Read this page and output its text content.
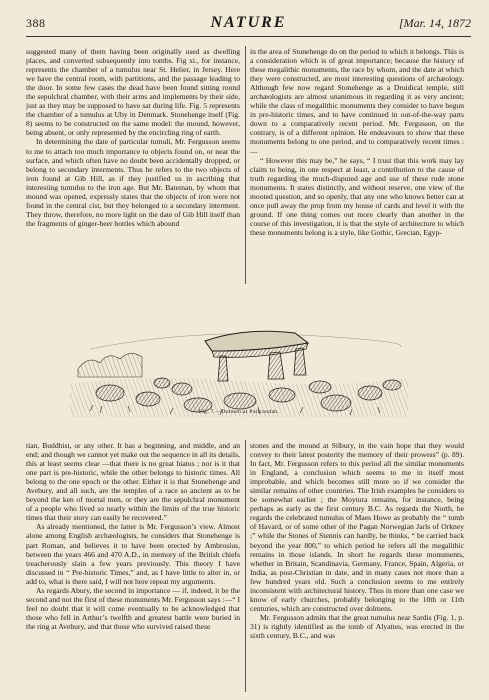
388	NATURE	[Mar. 14, 1872

suggested many of them having been originally used as dwelling places, and converted subsequently into tombs. Fig xi., for instance, represents the chamber of a tumulus near St. Helier, in Jersey. Here we have the central room, with partitions, and the passage leading to the door. In some few cases the dead have been found sitting round the sepulchral chamber, with their arms and implements by their side, just as they may be supposed to have sat during life. Fig. 5 represents the chamber of a tumulus at Uby in Denmark. Stonehenge itself (Fig. 8) seems to be constructed on the same model: the mound, however, being absent, or only represented by the encircling ring of earth.

In determining the date of particular tumuli, Mr. Fergusson seems to me to attach too much importance to objects found on, or near the surface, and which often have no doubt been accidentally dropped, or belong to secondary interments. Thus he refers to the two objects of iron found at Gib Hill, as if they justified us in ascribing that interesting tumulus to the iron age. But Mr. Bateman, by whom that mound was opened, expressly states that the objects of iron were not found in the central cist, but they belonged to a secondary interment. They throw, therefore, no more light on the date of Gib Hill itself than the fragments of ginger-beer bottles which abound

in the area of Stonehenge do on the period to which it belongs. This is a consideration which is of great importance; because the history of these megalithic monuments, the race by whom, and the date at which they were constructed, are most interesting questions of archæology. Although few now regard Stonehenge as a Druidical temple, still archæologists are almost unanimous in regarding it as very ancient; while the class of megalithic monuments they consider to have begun in pre-historic times, and to have continued in out-of-the-way parts down to a comparatively recent period. Mr. Fergusson, on the contrary, is of a different opinion. He endeavours to show that these monuments belong to one period, and to comparatively recent times :—

“ However this may be,” he says, “ I trust that this work may lay claim to being, in one respect at least, a contribution to the cause of truth regarding the much-disputed age and use of these rude stone monuments. It states distinctly, and without reserve, one view of the mooted question, and so openly, that any one who knows better can at once pull away the prop from my house of cards and level it with the ground. If one thing comes out more clearly than another in the course of this investigation, it is that the style of architecture to which these monuments belong is a style, like Gothic, Grecian, Egyp-

Fig. 7.—Dolmen at Pulicondah.

tian, Buddhist, or any other. It has a beginning, and middle, and an end; and though we cannot yet make out the sequence in all its details, this at least seems clear —that there is no great hiatus ; nor is it that one part is pre-historic, while the other belongs to historic times. All belong to the one epoch or the other. Either it is that Stonehenge and Avebury, and all such, are the temples of a race so ancient as to be beyond the ken of mortal men, or they are the sepulchral monument of a people who lived so nearly within the limits of the true historic times that their story can easily be recovered.”

As already mentioned, the latter is Mr. Fergusson’s view. Almost alone among English archæologists, he considers that Stonehenge is part Roman, and believes it to have been erected by Ambrosius, between the years 466 and 470 A.D., in memory of the British chiefs treacherously slain a few years previously. This theory I have discussed in “ Pre-historic Times,” and, as I have little to alter in, or add to, what is there said, I will not here repeat my arguments.

As regards Abury, the second in importance — if, indeed, it be the second and not the first of these monuments Mr. Fergusson says :—“ I feel no doubt that it will come eventually to be acknowledged that those who fell in Arthur’s twelfth and greatest battle were buried in the ring at Avebury, and that those who survived raised these

stones and the mound at Silbury, in the vain hope that they would convey to their latest posterity the memory of their prowess” (p. 89). In fact, Mr. Fergusson refers to this period all the similar monuments in England, a conclusion which seems to me in itself most improbable, and which becomes still more so if we consider the similar remains of other countries. The Irish examples he considers to be somewhat earlier ; the Moytura remains, for instance, being perhaps as early as the first century B.C. As regards the North, he regards the celebrated tumulus of Maes Howe as probably the “ tomb of Havard, or of some other of the Pagan Norwegian Jarls of Orkney ;” while the Stones of Stennis can hardly, he thinks, “ be carried back beyond the year 800,” to which period he refers all the megalithic remains in those islands. In short he regards these monuments, whether in Britain, Scandinavia, Germany, France, Spain, Algeria, or India, as post-Christian in date, and in many cases not more than a few hundred years old. Such a conclusion seems to me entirely inconsistent with architectural history. Thus in more than one case we know of early churches, probably belonging to the 10th or 11th centuries, which are constructed over dolmens.

Mr. Fergusson admits that the great tumulus near Sardis (Fig. 1, p. 31) is rightly identified as the tomb of Alyattes, was erected in the sixth century, B.C., and was
